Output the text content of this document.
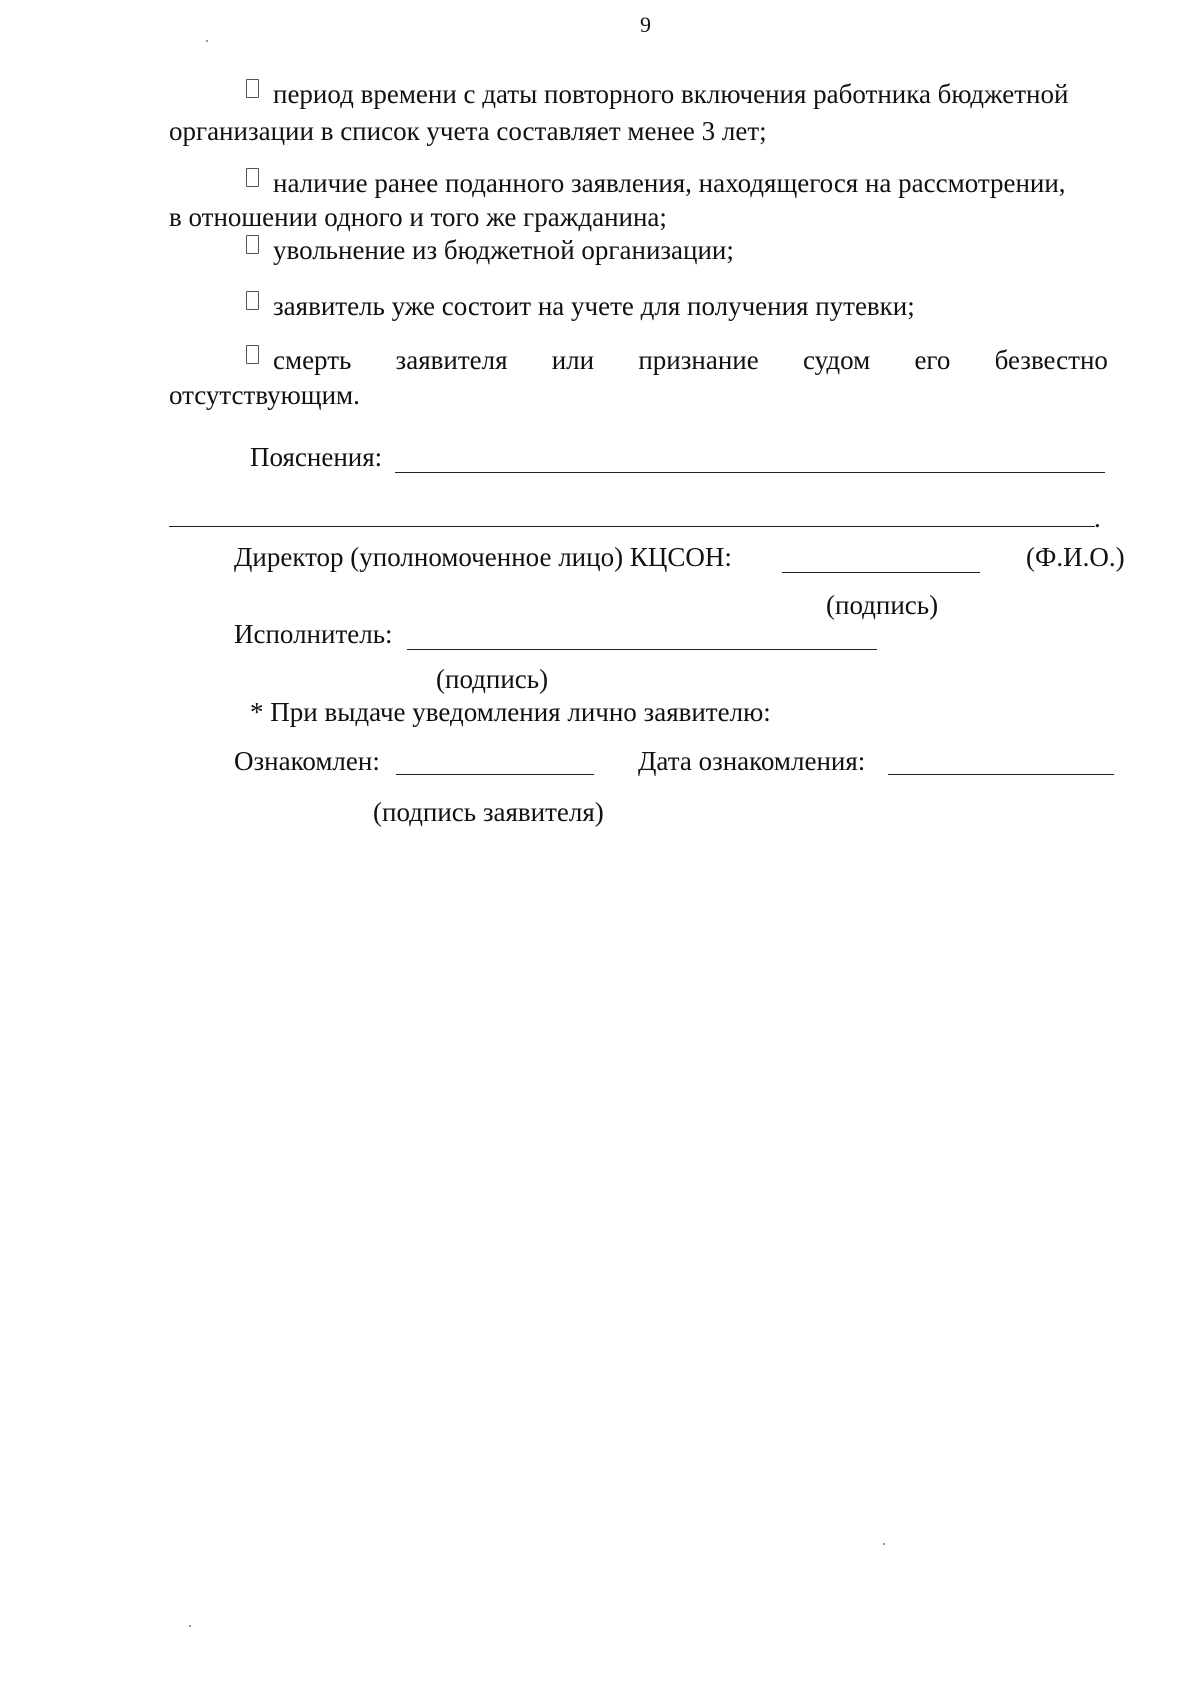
9
период времени с даты повторного включения работника бюджетной
организации в список учета составляет менее 3 лет;
наличие ранее поданного заявления, находящегося на рассмотрении,
в отношении одного и того же гражданина;
увольнение из бюджетной организации;
заявитель уже состоит на учете для получения путевки;
смерть заявителя или признание судом его безвестно
отсутствующим.
Пояснения:
.
Директор (уполномоченное лицо) КЦСОН:	(Ф.И.О.)
(подпись)
Исполнитель:
(подпись)
* При выдаче уведомления лично заявителю:
Ознакомлен:	Дата ознакомления:
(подпись заявителя)
